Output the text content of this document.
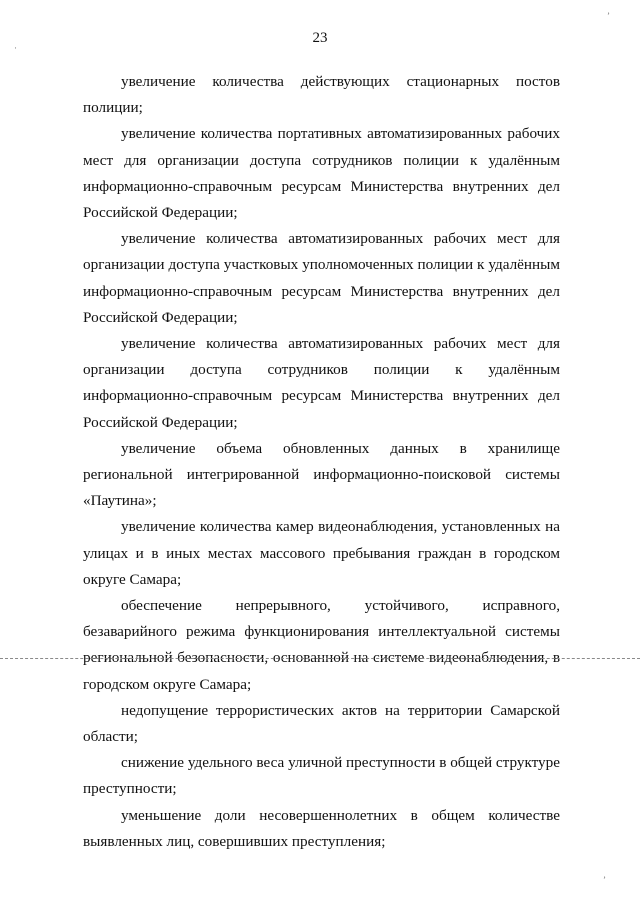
23

увеличение количества действующих стационарных постов полиции;

увеличение количества портативных автоматизированных рабочих мест для организации доступа сотрудников полиции к удалённым информационно-справочным ресурсам Министерства внутренних дел Российской Федерации;

увеличение количества автоматизированных рабочих мест для организации доступа участковых уполномоченных полиции к удалённым информационно-справочным ресурсам Министерства внутренних дел Российской Федерации;

увеличение количества автоматизированных рабочих мест для организации доступа сотрудников полиции к удалённым информационно-справочным ресурсам Министерства внутренних дел Российской Федерации;

увеличение объема обновленных данных в хранилище региональной интегрированной информационно-поисковой системы «Паутина»;

увеличение количества камер видеонаблюдения, установленных на улицах и в иных местах массового пребывания граждан в городском округе Самара;

обеспечение непрерывного, устойчивого, исправного, безаварийного режима функционирования интеллектуальной системы региональной безопасности, основанной на системе видеонаблюдения, в городском округе Самара;

недопущение террористических актов на территории Самарской области;

снижение удельного веса уличной преступности в общей структуре преступности;

уменьшение доли несовершеннолетних в общем количестве выявленных лиц, совершивших преступления;

ʼ
ʼ
·
